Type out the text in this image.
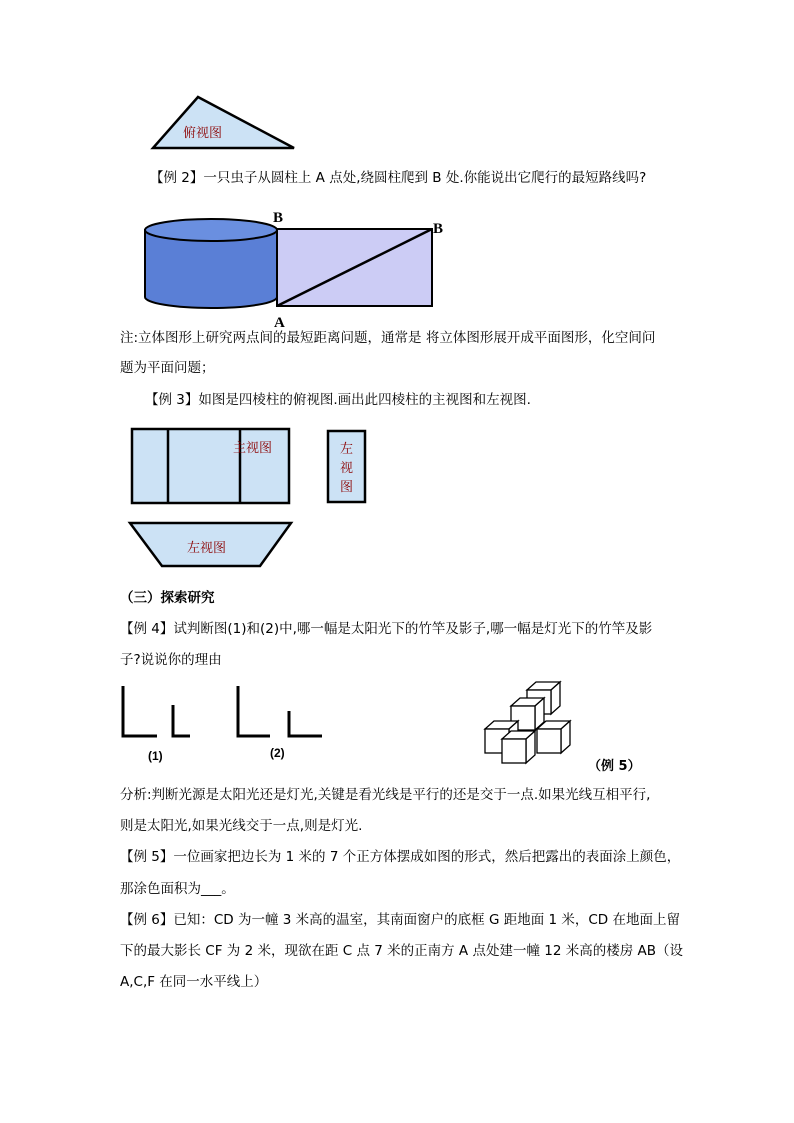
俯视图
【例 2】一只虫子从圆柱上 A 点处,绕圆柱爬到 B 处.你能说出它爬行的最短路线吗?
B
B
A
注:立体图形上研究两点间的最短距离问题，通常是 将立体图形展开成平面图形，化空间问
题为平面问题；
【例 3】如图是四棱柱的俯视图.画出此四棱柱的主视图和左视图.
主视图	左
视
图
左视图
（三）探索研究
【例 4】试判断图(1)和(2)中,哪一幅是太阳光下的竹竿及影子,哪一幅是灯光下的竹竿及影
子?说说你的理由
(1)	(2)
（例 5）
分析:判断光源是太阳光还是灯光,关键是看光线是平行的还是交于一点.如果光线互相平行,
则是太阳光,如果光线交于一点,则是灯光.
【例 5】一位画家把边长为 1 米的 7 个正方体摆成如图的形式，然后把露出的表面涂上颜色，
那涂色面积为___。
【例 6】已知：CD 为一幢 3 米高的温室，其南面窗户的底框 G 距地面 1 米，CD 在地面上留
下的最大影长 CF 为 2 米，现欲在距 C 点 7 米的正南方 A 点处建一幢 12 米高的楼房 AB（设
A,C,F 在同一水平线上）
